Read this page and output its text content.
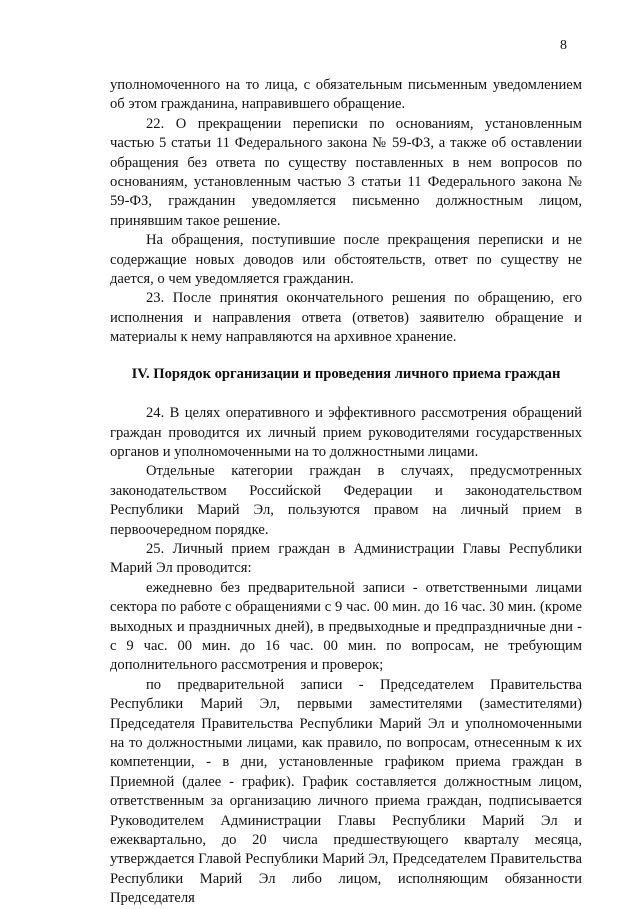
8

уполномоченного на то лица, с обязательным письменным уведомлением об этом гражданина, направившего обращение.

22. О прекращении переписки по основаниям, установленным частью 5 статьи 11 Федерального закона № 59-ФЗ, а также об оставлении обращения без ответа по существу поставленных в нем вопросов по основаниям, установленным частью 3 статьи 11 Федерального закона № 59-ФЗ, гражданин уведомляется письменно должностным лицом, принявшим такое решение.

На обращения, поступившие после прекращения переписки и не содержащие новых доводов или обстоятельств, ответ по существу не дается, о чем уведомляется гражданин.

23. После принятия окончательного решения по обращению, его исполнения и направления ответа (ответов) заявителю обращение и материалы к нему направляются на архивное хранение.

IV. Порядок организации и проведения личного приема граждан

24. В целях оперативного и эффективного рассмотрения обращений граждан проводится их личный прием руководителями государственных органов и уполномоченными на то должностными лицами.

Отдельные категории граждан в случаях, предусмотренных законодательством Российской Федерации и законодательством Республики Марий Эл, пользуются правом на личный прием в первоочередном порядке.

25. Личный прием граждан в Администрации Главы Республики Марий Эл проводится:

ежедневно без предварительной записи - ответственными лицами сектора по работе с обращениями с 9 час. 00 мин. до 16 час. 30 мин. (кроме выходных и праздничных дней), в предвыходные и предпраздничные дни - с 9 час. 00 мин. до 16 час. 00 мин. по вопросам, не требующим дополнительного рассмотрения и проверок;

по предварительной записи - Председателем Правительства Республики Марий Эл, первыми заместителями (заместителями) Председателя Правительства Республики Марий Эл и уполномоченными на то должностными лицами, как правило, по вопросам, отнесенным к их компетенции, - в дни, установленные графиком приема граждан в Приемной (далее - график). График составляется должностным лицом, ответственным за организацию личного приема граждан, подписывается Руководителем Администрации Главы Республики Марий Эл и ежеквартально, до 20 числа предшествующего кварталу месяца, утверждается Главой Республики Марий Эл, Председателем Правительства Республики Марий Эл либо лицом, исполняющим обязанности Председателя
